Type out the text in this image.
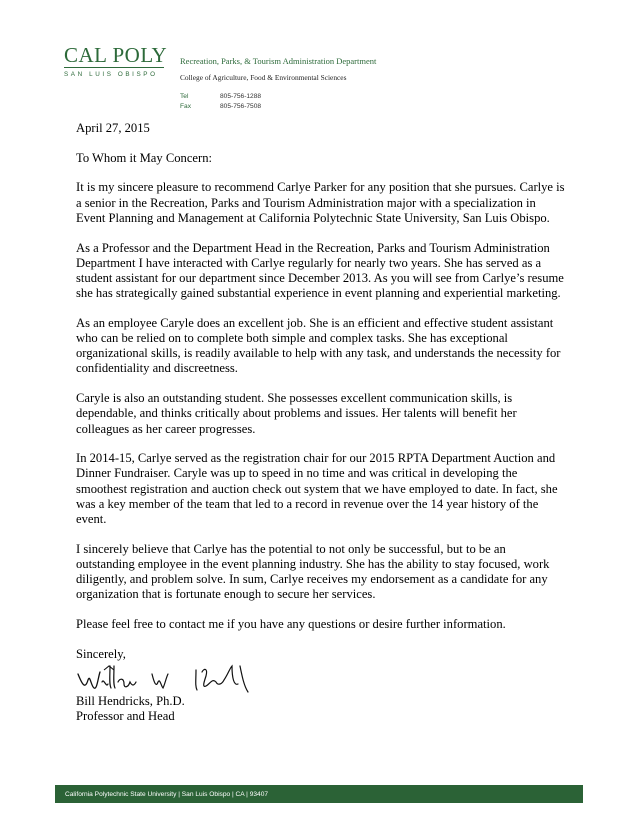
CAL POLY
SAN LUIS OBISPO
Recreation, Parks, & Tourism Administration Department
College of Agriculture, Food & Environmental Sciences
Tel	805-756-1288
Fax	805-756-7508

April 27, 2015

To Whom it May Concern:

It is my sincere pleasure to recommend Carlye Parker for any position that she pursues. Carlye is a senior in the Recreation, Parks and Tourism Administration major with a specialization in Event Planning and Management at California Polytechnic State University, San Luis Obispo.

As a Professor and the Department Head in the Recreation, Parks and Tourism Administration Department I have interacted with Carlye regularly for nearly two years. She has served as a student assistant for our department since December 2013. As you will see from Carlye’s resume she has strategically gained substantial experience in event planning and experiential marketing.

As an employee Caryle does an excellent job. She is an efficient and effective student assistant who can be relied on to complete both simple and complex tasks. She has exceptional organizational skills, is readily available to help with any task, and understands the necessity for confidentiality and discreetness.

Caryle is also an outstanding student. She possesses excellent communication skills, is dependable, and thinks critically about problems and issues. Her talents will benefit her colleagues as her career progresses.

In 2014-15, Carlye served as the registration chair for our 2015 RPTA Department Auction and Dinner Fundraiser. Caryle was up to speed in no time and was critical in developing the smoothest registration and auction check out system that we have employed to date. In fact, she was a key member of the team that led to a record in revenue over the 14 year history of the event.

I sincerely believe that Carlye has the potential to not only be successful, but to be an outstanding employee in the event planning industry. She has the ability to stay focused, work diligently, and problem solve. In sum, Carlye receives my endorsement as a candidate for any organization that is fortunate enough to secure her services.

Please feel free to contact me if you have any questions or desire further information.

Sincerely,

Bill Hendricks, Ph.D.

Professor and Head

California Polytechnic State University | San Luis Obispo | CA | 93407
